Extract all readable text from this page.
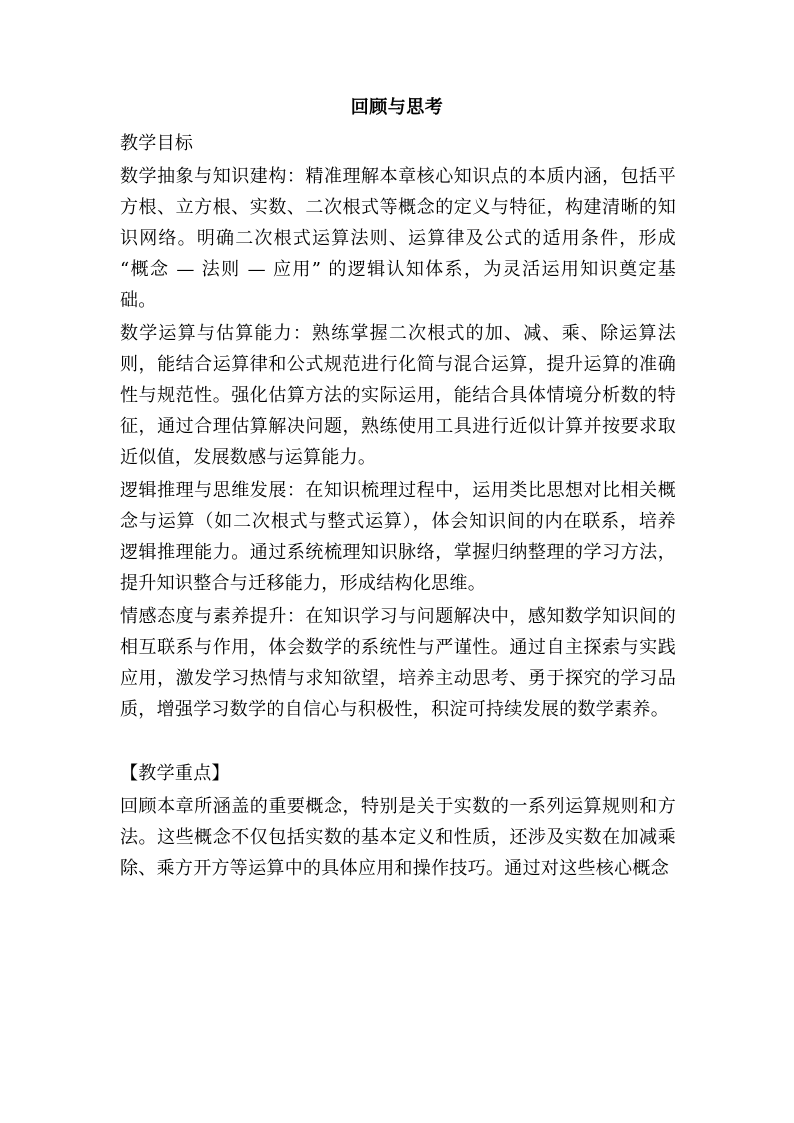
回顾与思考
教学目标
数学抽象与知识建构：精准理解本章核心知识点的本质内涵，包括平方根、立方根、实数、二次根式等概念的定义与特征，构建清晰的知识网络。明确二次根式运算法则、运算律及公式的适用条件，形成 “概念 — 法则 — 应用” 的逻辑认知体系，为灵活运用知识奠定基础。
数学运算与估算能力：熟练掌握二次根式的加、减、乘、除运算法则，能结合运算律和公式规范进行化简与混合运算，提升运算的准确性与规范性。强化估算方法的实际运用，能结合具体情境分析数的特征，通过合理估算解决问题，熟练使用工具进行近似计算并按要求取近似值，发展数感与运算能力。
逻辑推理与思维发展：在知识梳理过程中，运用类比思想对比相关概念与运算（如二次根式与整式运算），体会知识间的内在联系，培养逻辑推理能力。通过系统梳理知识脉络，掌握归纳整理的学习方法，提升知识整合与迁移能力，形成结构化思维。
情感态度与素养提升：在知识学习与问题解决中，感知数学知识间的相互联系与作用，体会数学的系统性与严谨性。通过自主探索与实践应用，激发学习热情与求知欲望，培养主动思考、勇于探究的学习品质，增强学习数学的自信心与积极性，积淀可持续发展的数学素养。
【教学重点】
回顾本章所涵盖的重要概念，特别是关于实数的一系列运算规则和方法。这些概念不仅包括实数的基本定义和性质，还涉及实数在加减乘除、乘方开方等运算中的具体应用和操作技巧。通过对这些核心概念
